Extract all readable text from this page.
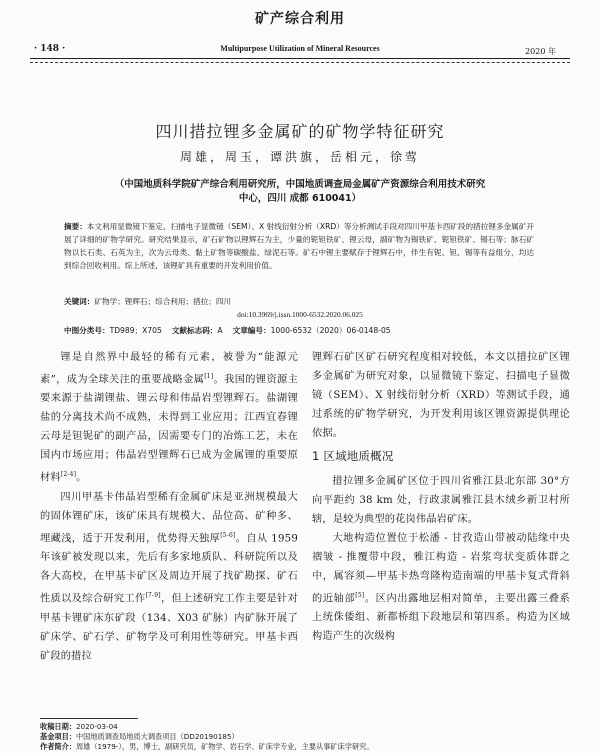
矿产综合利用
· 148 ·	Multipurpose Utilization of Mineral Resources	2020 年
四川措拉锂多金属矿的矿物学特征研究
周雄，周玉，谭洪旗，岳相元，徐莺
（中国地质科学院矿产综合利用研究所，中国地质调查局金属矿产资源综合利用技术研究
中心，四川 成都 610041）
摘要：本文利用显微镜下鉴定、扫描电子显微镜（SEM）、X 射线衍射分析（XRD）等分析测试手段对四川甲基卡西矿段的措拉锂多金属矿开展了详细的矿物学研究。研究结果显示，矿石矿物以锂辉石为主，少量的铌钽铁矿、锂云母，副矿物为锡铁矿、铌钽铁矿、锡石等；脉石矿物以长石类、石英为主，次为云母类、黏土矿物等碳酸盐、绿泥石等。矿石中锂主要赋存于锂辉石中，伴生有铌、钽、锡等有益组分，均达到综合回收利用。综上所述，该锂矿具有重要的开发利用价值。
关键词：矿物学；锂辉石；综合利用；措拉；四川
doi:10.3969/j.issn.1000-6532.2020.06.025
中图分类号：TD989；X705 文献标志码：A 文章编号：1000-6532（2020）06-0148-05

锂是自然界中最轻的稀有元素，被誉为“能源元素”，成为全球关注的重要战略金属[1]。我国的锂资源主要来源于盐湖锂盐、锂云母和伟晶岩型锂辉石。盐湖锂盐的分离技术尚不成熟，未得到工业应用；江西宜春锂云母是钽铌矿的副产品，因需要专门的冶炼工艺，未在国内市场应用；伟晶岩型锂辉石已成为金属锂的重要原材料[2-4]。

四川甲基卡伟晶岩型稀有金属矿床是亚洲规模最大的固体锂矿床，该矿床具有规模大、品位高、矿种多、埋藏浅，适于开发利用，优势得天独厚[5-6]。自从 1959 年该矿被发现以来，先后有多家地质队、科研院所以及各大高校，在甲基卡矿区及周边开展了找矿勘探、矿石性质以及综合研究工作[7-9]，但上述研究工作主要是针对甲基卡锂矿床东矿段（134、X03 矿脉）内矿脉开展了矿床学、矿石学、矿物学及可利用性等研究。甲基卡西矿段的措拉

锂辉石矿区矿石研究程度相对较低，本文以措拉矿区锂多金属矿为研究对象，以显微镜下鉴定、扫描电子显微镜（SEM）、X 射线衍射分析（XRD）等测试手段，通过系统的矿物学研究，为开发利用该区锂资源提供理论依据。

1 区域地质概况

措拉锂多金属矿区位于四川省雅江县北东部 30°方向平距约 38 km 处，行政隶属雅江县木绒乡新卫村所辖，是较为典型的花岗伟晶岩矿床。

大地构造位置位于松潘 - 甘孜造山带被动陆缘中央褶皱 - 推覆带中段，雅江构造 - 岩浆弯状变质体群之中，属容须—甲基卡热弯隆构造南端的甲基卡复式背斜的近轴部[5]。区内出露地层相对简单，主要出露三叠系上统侏倭组、新都桥组下段地层和第四系。构造为区域构造产生的次级构

收稿日期：2020-03-04
基金项目：中国地质调查局地质大调查项目（DD20190185）
作者简介：周雄（1979-），男，博士，副研究员，矿物学、岩石学、矿床学专业，主要从事矿床学研究。
